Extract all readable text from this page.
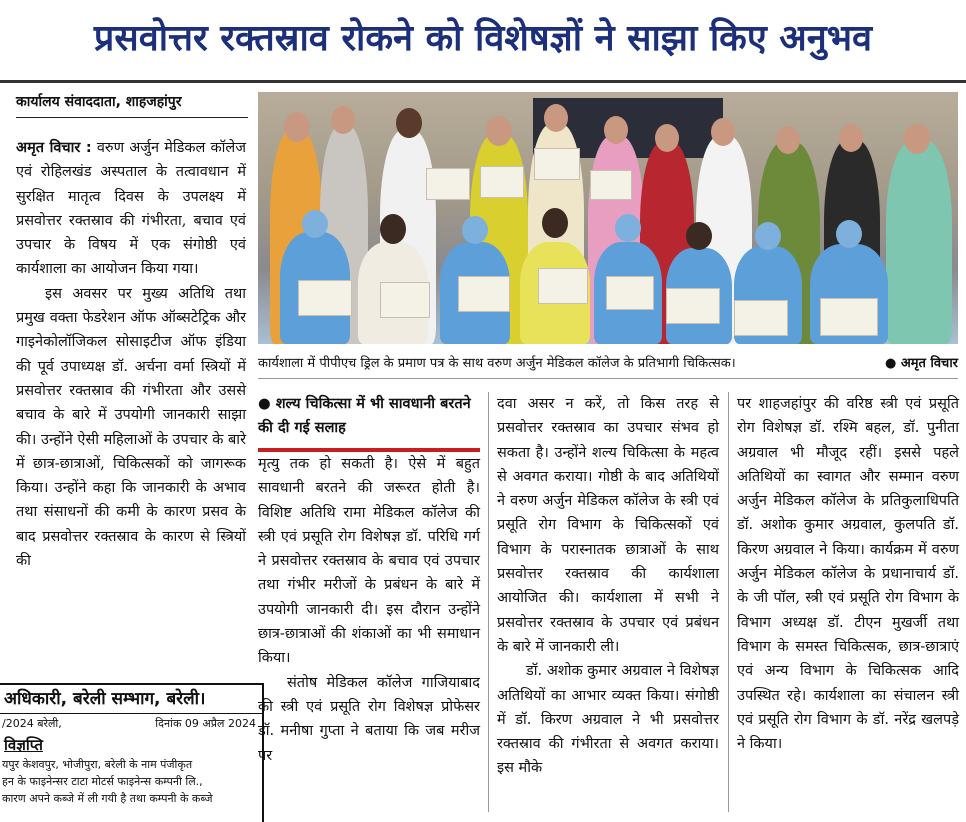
प्रसवोत्तर रक्तस्राव रोकने को विशेषज्ञों ने साझा किए अनुभव
कार्यालय संवाददाता, शाहजहांपुर

अमृत विचार : वरुण अर्जुन मेडिकल कॉलेज एवं रोहिलखंड अस्पताल के तत्वावधान में सुरक्षित मातृत्व दिवस के उपलक्ष्य में प्रसवोत्तर रक्तस्राव की गंभीरता, बचाव एवं उपचार के विषय में एक संगोष्ठी एवं कार्यशाला का आयोजन किया गया।

इस अवसर पर मुख्य अतिथि तथा प्रमुख वक्ता फेडरेशन ऑफ ऑब्सटेट्रिक और गाइनेकोलॉजिकल सोसाइटीज ऑफ इंडिया की पूर्व उपाध्यक्ष डॉ. अर्चना वर्मा स्त्रियों में प्रसवोत्तर रक्तस्राव की गंभीरता और उससे बचाव के बारे में उपयोगी जानकारी साझा की। उन्होंने ऐसी महिलाओं के उपचार के बारे में छात्र-छात्राओं, चिकित्सकों को जागरूक किया। उन्होंने कहा कि जानकारी के अभाव तथा संसाधनों की कमी के कारण प्रसव के बाद प्रसवोत्तर रक्तस्राव के कारण से स्त्रियों की

कार्यशाला में पीपीएच ड्रिल के प्रमाण पत्र के साथ वरुण अर्जुन मेडिकल कॉलेज के प्रतिभागी चिकित्सक।	● अमृत विचार
● शल्य चिकित्सा में भी सावधानी बरतने की दी गई सलाह

मृत्यु तक हो सकती है। ऐसे में बहुत सावधानी बरतने की जरूरत होती है। विशिष्ट अतिथि रामा मेडिकल कॉलेज की स्त्री एवं प्रसूति रोग विशेषज्ञ डॉ. परिधि गर्ग ने प्रसवोत्तर रक्तस्राव के बचाव एवं उपचार तथा गंभीर मरीजों के प्रबंधन के बारे में उपयोगी जानकारी दी। इस दौरान उन्होंने छात्र-छात्राओं की शंकाओं का भी समाधान किया।

संतोष मेडिकल कॉलेज गाजियाबाद की स्त्री एवं प्रसूति रोग विशेषज्ञ प्रोफेसर डॉ. मनीषा गुप्ता ने बताया कि जब मरीज पर

दवा असर न करें, तो किस तरह से प्रसवोत्तर रक्तस्राव का उपचार संभव हो सकता है। उन्होंने शल्य चिकित्सा के महत्व से अवगत कराया। गोष्ठी के बाद अतिथियों ने वरुण अर्जुन मेडिकल कॉलेज के स्त्री एवं प्रसूति रोग विभाग के चिकित्सकों एवं विभाग के परास्नातक छात्राओं के साथ प्रसवोत्तर रक्तस्राव की कार्यशाला आयोजित की। कार्यशाला में सभी ने प्रसवोत्तर रक्तस्राव के उपचार एवं प्रबंधन के बारे में जानकारी ली।

डॉ. अशोक कुमार अग्रवाल ने विशेषज्ञ अतिथियों का आभार व्यक्त किया। संगोष्ठी में डॉ. किरण अग्रवाल ने भी प्रसवोत्तर रक्तस्राव की गंभीरता से अवगत कराया। इस मौके

पर शाहजहांपुर की वरिष्ठ स्त्री एवं प्रसूति रोग विशेषज्ञ डॉ. रश्मि बहल, डॉ. पुनीता अग्रवाल भी मौजूद रहीं। इससे पहले अतिथियों का स्वागत और सम्मान वरुण अर्जुन मेडिकल कॉलेज के प्रतिकुलाधिपति डॉ. अशोक कुमार अग्रवाल, कुलपति डॉ. किरण अग्रवाल ने किया। कार्यक्रम में वरुण अर्जुन मेडिकल कॉलेज के प्रधानाचार्य डॉ. के जी पॉल, स्त्री एवं प्रसूति रोग विभाग के विभाग अध्यक्ष डॉ. टीएन मुखर्जी तथा विभाग के समस्त चिकित्सक, छात्र-छात्राएं एवं अन्य विभाग के चिकित्सक आदि उपस्थित रहे। कार्यशाला का संचालन स्त्री एवं प्रसूति रोग विभाग के डॉ. नरेंद्र खलपड़े ने किया।

अधिकारी, बरेली सम्भाग, बरेली।
/2024 बरेली,	दिनांक 09 अप्रैल 2024
विज्ञप्ति
यपुर केशवपुर, भोजीपुरा, बरेली के नाम पंजीकृत
हन के फाइनेन्सर टाटा मोटर्स फाइनेन्स कम्पनी लि.,
कारण अपने कब्जे में ली गयी है तथा कम्पनी के कब्जे
